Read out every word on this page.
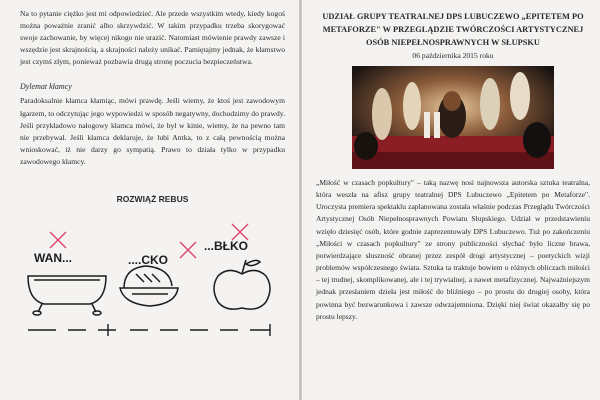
Na to pytanie ciężko jest mi odpowiedzieć. Ale przede wszystkim wtedy, kiedy kogoś można poważnie zranić albo skrzywdzić. W takim przypadku trzeba skorygować swoje zachowanie, by więcej nikogo nie urazić. Natomiast mówienie prawdy zawsze i wszędzie jest skrajnością, a skrajności należy unikać. Pamiętajmy jednak, że kłamstwo jest czymś złym, ponieważ pozbawia drugą stronę poczucia bezpieczeństwa.

Dylemat kłamcy

Paradoksalnie kłamca kłamiąc, mówi prawdę. Jeśli wiemy, że ktoś jest zawodowym łgarzem, to odczytując jego wypowiedzi w sposób negatywny, dochodzimy do prawdy. Jeśli przykładowo nałogowy kłamca mówi, że był w kinie, wiemy, że na pewno tam nie przebywał. Jeśli kłamca deklaruje, że lubi Antka, to z całą pewnością można wnioskować, iż nie darzy go sympatią. Prawo to działa tylko w przypadku zawodowego kłamcy.

ROZWIĄŻ REBUS

WAN...	....CKO
...BŁKO

UDZIAŁ GRUPY TEATRALNEJ DPS LUBUCZEWO „EPITETEM PO METAFORZE" W PRZEGLĄDZIE TWÓRCZOŚCI ARTYSTYCZNEJ OSÓB NIEPEŁNOSPRAWNYCH W SŁUPSKU

06 października 2015 roku

„Miłość w czasach popkultury" – taką nazwę nosi najnowsza autorska sztuka teatralna, która weszła na afisz grupy teatralnej DPS Lubuczewo „Epitetem po Metaforze". Uroczysta premiera spektaklu zaplanowana została właśnie podczas Przeglądu Twórczości Artystycznej Osób Niepełnosprawnych Powiatu Słupskiego. Udział w przedstawieniu wzięło dziesięć osób, które godnie zaprezentowały DPS Lubuczewo. Tuż po zakończeniu „Miłości w czasach popkultury" ze strony publiczności słychać było liczne brawa, potwierdzające słuszność obranej przez zespół drogi artystycznej – poetyckich wizji problemów współczesnego świata. Sztuka ta traktuje bowiem o różnych obliczach miłości – tej trudnej, skomplikowanej, ale i tej trywialnej, a nawet metafizycznej. Najważniejszym jednak przesłaniem dzieła jest miłość do bliźniego – po prostu do drugiej osoby, która powinna być bezwarunkowa i zawsze odwzajemniona. Dzięki niej świat okazałby się po prostu lepszy.
